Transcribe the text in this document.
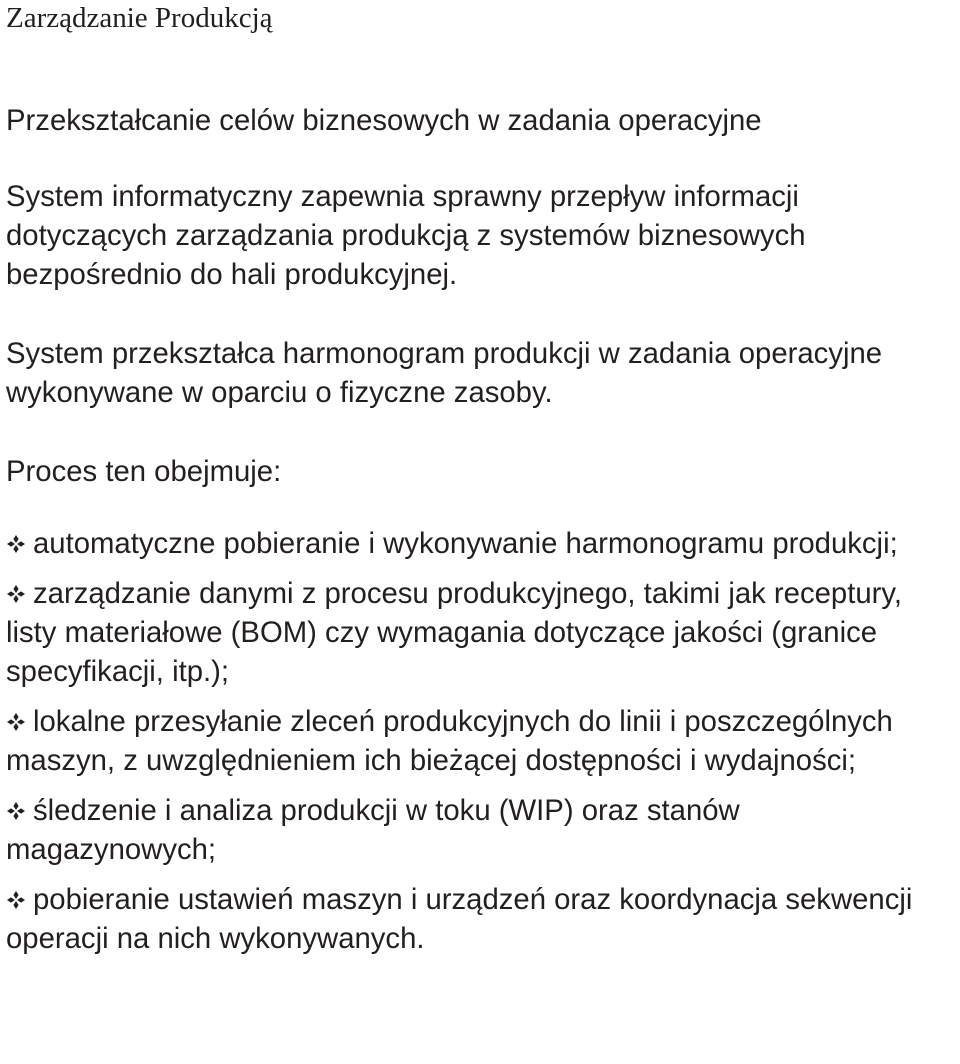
Zarządzanie Produkcją

Przekształcanie celów biznesowych w zadania operacyjne

System informatyczny zapewnia sprawny przepływ informacji dotyczących zarządzania produkcją z systemów biznesowych bezpośrednio do hali produkcyjnej.

System przekształca harmonogram produkcji w zadania operacyjne wykonywane w oparciu o fizyczne zasoby.

Proces ten obejmuje:

automatyczne pobieranie i wykonywanie harmonogramu produkcji;

zarządzanie danymi z procesu produkcyjnego, takimi jak receptury, listy materiałowe (BOM) czy wymagania dotyczące jakości (granice specyfikacji, itp.);

lokalne przesyłanie zleceń produkcyjnych do linii i poszczególnych maszyn, z uwzględnieniem ich bieżącej dostępności i wydajności;

śledzenie i analiza produkcji w toku (WIP) oraz stanów magazynowych;

pobieranie ustawień maszyn i urządzeń oraz koordynacja sekwencji operacji na nich wykonywanych.
